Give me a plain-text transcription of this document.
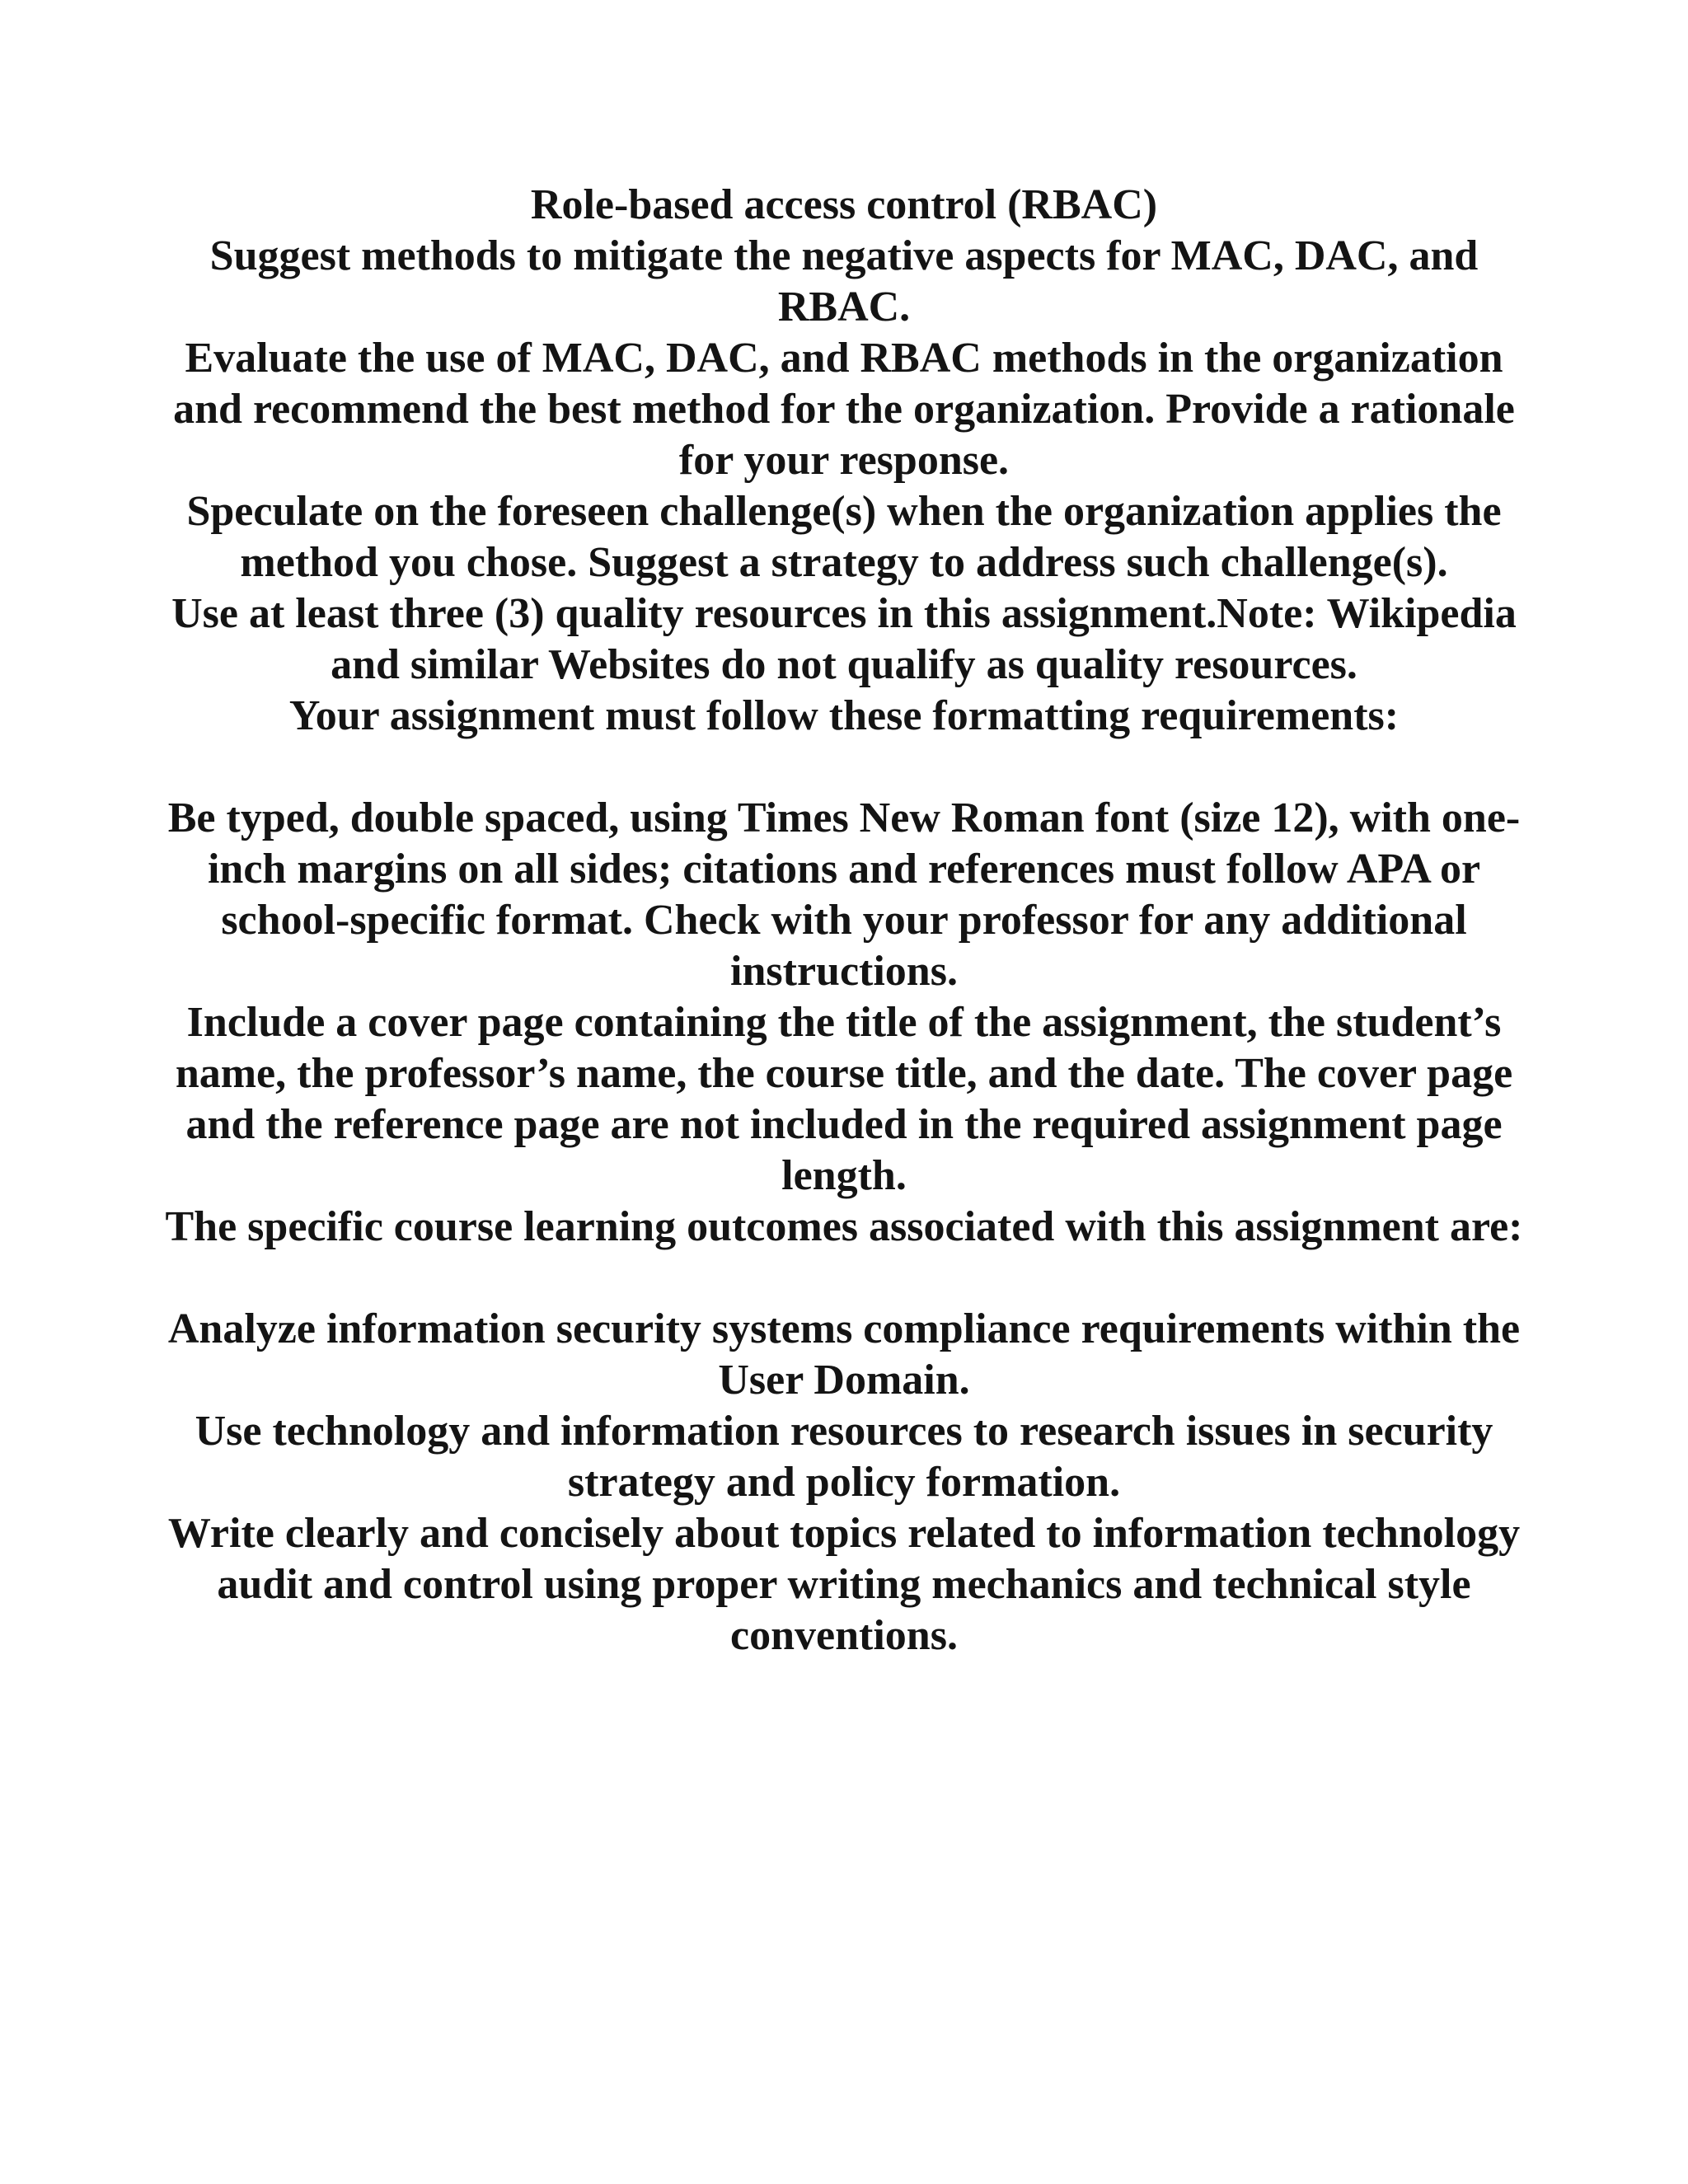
Role-based access control (RBAC)

Suggest methods to mitigate the negative aspects for MAC, DAC, and RBAC.

Evaluate the use of MAC, DAC, and RBAC methods in the organization and recommend the best method for the organization. Provide a rationale for your response.

Speculate on the foreseen challenge(s) when the organization applies the method you chose. Suggest a strategy to address such challenge(s).

Use at least three (3) quality resources in this assignment.Note: Wikipedia and similar Websites do not qualify as quality resources.

Your assignment must follow these formatting requirements:

Be typed, double spaced, using Times New Roman font (size 12), with one-inch margins on all sides; citations and references must follow APA or school-specific format. Check with your professor for any additional instructions.

Include a cover page containing the title of the assignment, the student’s name, the professor’s name, the course title, and the date. The cover page and the reference page are not included in the required assignment page length.

The specific course learning outcomes associated with this assignment are:

Analyze information security systems compliance requirements within the User Domain.

Use technology and information resources to research issues in security strategy and policy formation.

Write clearly and concisely about topics related to information technology audit and control using proper writing mechanics and technical style conventions.
